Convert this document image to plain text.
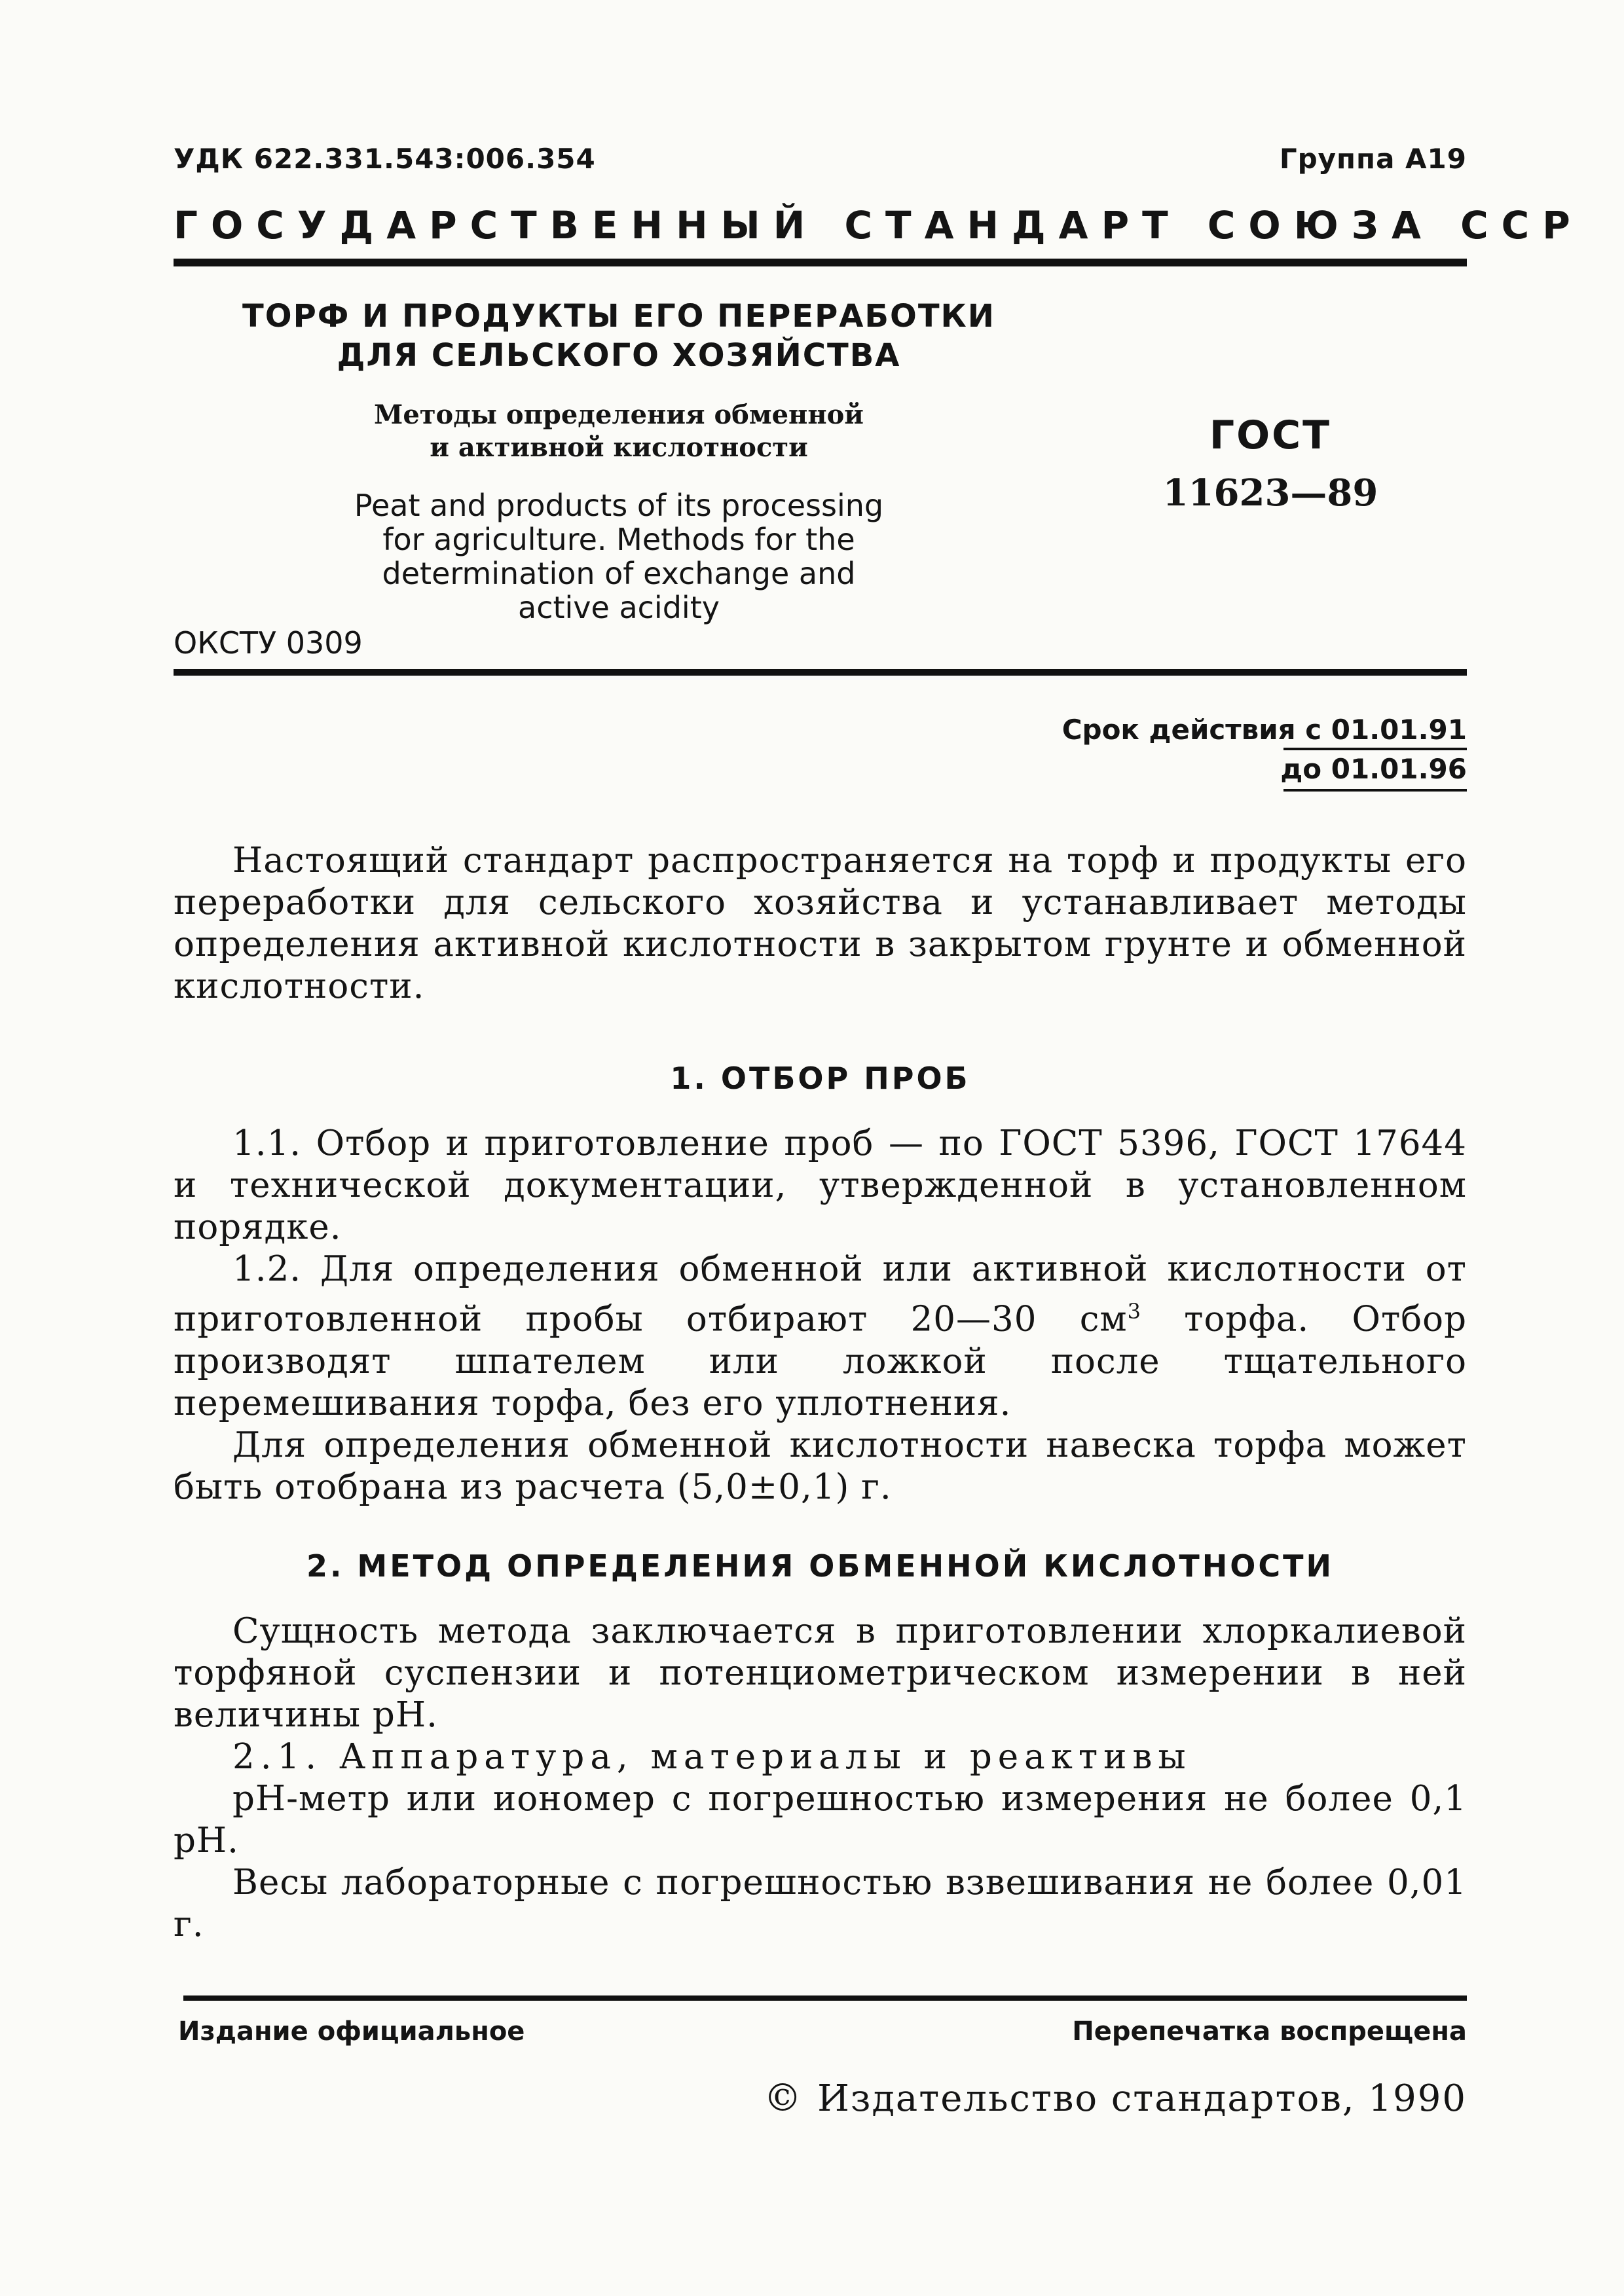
УДК 622.331.543:006.354	Группа А19
ГОСУДАРСТВЕННЫЙ СТАНДАРТ СОЮЗА ССР
ТОРФ И ПРОДУКТЫ ЕГО ПЕРЕРАБОТКИ
ДЛЯ СЕЛЬСКОГО ХОЗЯЙСТВА
Методы определения обменной
и активной кислотности
Peat and products of its processing
for agriculture. Methods for the
determination of exchange and
active acidity
ОКСТУ 0309
ГОСТ
11623—89
Срок действия с 01.01.91
до 01.01.96

Настоящий стандарт распространяется на торф и продукты его переработки для сельского хозяйства и устанавливает методы определения активной кислотности в закрытом грунте и обменной кислотности.

1. ОТБОР ПРОБ

1.1. Отбор и приготовление проб — по ГОСТ 5396, ГОСТ 17644 и технической документации, утвержденной в установленном порядке.

1.2. Для определения обменной или активной кислотности от приготовленной пробы отбирают 20—30 $см^3$ торфа. Отбор производят шпателем или ложкой после тщательного перемешивания торфа, без его уплотнения.

Для определения обменной кислотности навеска торфа может быть отобрана из расчета (5,0±0,1) г.

2. МЕТОД ОПРЕДЕЛЕНИЯ ОБМЕННОЙ КИСЛОТНОСТИ

Сущность метода заключается в приготовлении хлоркалиевой торфяной суспензии и потенциометрическом измерении в ней величины pH.

2.1. Аппаратура, материалы и реактивы

pH-метр или иономер с погрешностью измерения не более 0,1 pH.

Весы лабораторные с погрешностью взвешивания не более 0,01 г.

Издание официальное	Перепечатка воспрещена
© Издательство стандартов, 1990
